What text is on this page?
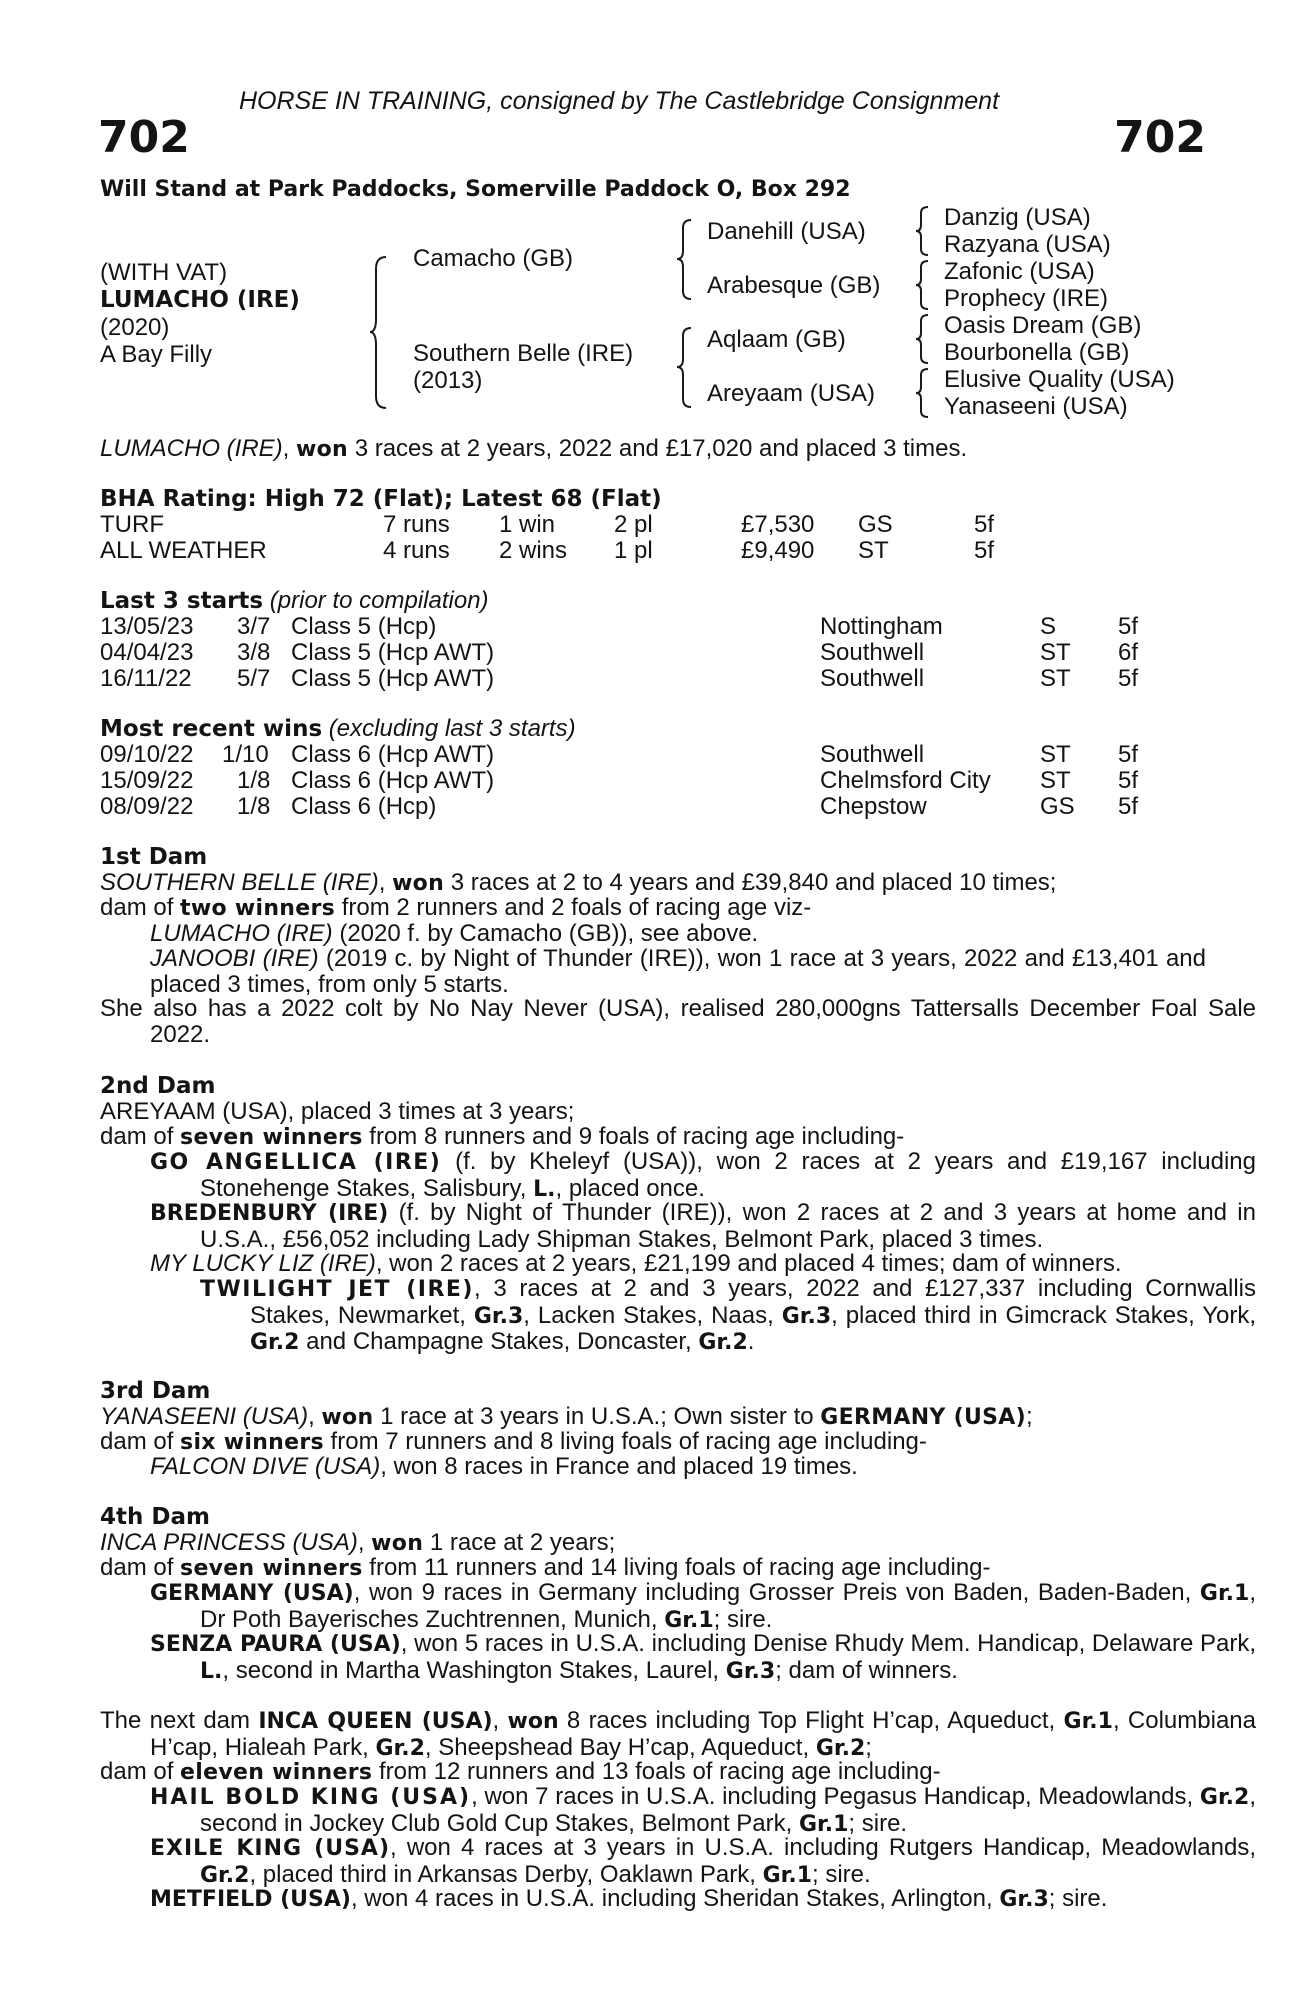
HORSE IN TRAINING, consigned by The Castlebridge Consignment
702	702
Will Stand at Park Paddocks, Somerville Paddock O, Box 292
(WITH VAT)
LUMACHO (IRE)
(2020)
A Bay Filly
Camacho (GB)
Southern Belle (IRE)
(2013)
Danehill (USA)
Arabesque (GB)
Aqlaam (GB)
Areyaam (USA)
Danzig (USA)
Razyana (USA)
Zafonic (USA)
Prophecy (IRE)
Oasis Dream (GB)
Bourbonella (GB)
Elusive Quality (USA)
Yanaseeni (USA)
LUMACHO (IRE), won 3 races at 2 years, 2022 and £17,020 and placed 3 times.
BHA Rating: High 72 (Flat); Latest 68 (Flat)
TURF	7 runs 1 win 2 pl	£7,530 GS	5f
ALL WEATHER	4 runs 2 wins 1 pl	£9,490 ST	5f
Last 3 starts (prior to compilation)
13/05/23 3/7 Class 5 (Hcp)	Nottingham	S	5f
04/04/23 3/8 Class 5 (Hcp AWT)	Southwell	ST 6f
16/11/22 5/7 Class 5 (Hcp AWT)	Southwell	ST 5f
Most recent wins (excluding last 3 starts)
09/10/22 1/10 Class 6 (Hcp AWT)	Southwell	ST 5f
15/09/22 1/8 Class 6 (Hcp AWT)	Chelmsford City ST 5f
08/09/22 1/8 Class 6 (Hcp)	Chepstow	GS 5f
1st Dam
SOUTHERN BELLE (IRE), won 3 races at 2 to 4 years and £39,840 and placed 10 times;
dam of two winners from 2 runners and 2 foals of racing age viz-
LUMACHO (IRE) (2020 f. by Camacho (GB)), see above.
JANOOBI (IRE) (2019 c. by Night of Thunder (IRE)), won 1 race at 3 years, 2022 and £13,401 and placed 3 times, from only 5 starts.
She also has a 2022 colt by No Nay Never (USA), realised 280,000gns Tattersalls December Foal Sale 2022.
2nd Dam
AREYAAM (USA), placed 3 times at 3 years;
dam of seven winners from 8 runners and 9 foals of racing age including-
GO ANGELLICA (IRE) (f. by Kheleyf (USA)), won 2 races at 2 years and £19,167 including Stonehenge Stakes, Salisbury, L., placed once.
BREDENBURY (IRE) (f. by Night of Thunder (IRE)), won 2 races at 2 and 3 years at home and in U.S.A., £56,052 including Lady Shipman Stakes, Belmont Park, placed 3 times.
MY LUCKY LIZ (IRE), won 2 races at 2 years, £21,199 and placed 4 times; dam of winners.
TWILIGHT JET (IRE), 3 races at 2 and 3 years, 2022 and £127,337 including Cornwallis Stakes, Newmarket, Gr.3, Lacken Stakes, Naas, Gr.3, placed third in Gimcrack Stakes, York, Gr.2 and Champagne Stakes, Doncaster, Gr.2.
3rd Dam
YANASEENI (USA), won 1 race at 3 years in U.S.A.; Own sister to GERMANY (USA);
dam of six winners from 7 runners and 8 living foals of racing age including-
FALCON DIVE (USA), won 8 races in France and placed 19 times.
4th Dam
INCA PRINCESS (USA), won 1 race at 2 years;
dam of seven winners from 11 runners and 14 living foals of racing age including-
GERMANY (USA), won 9 races in Germany including Grosser Preis von Baden, Baden-Baden, Gr.1, Dr Poth Bayerisches Zuchtrennen, Munich, Gr.1; sire.
SENZA PAURA (USA), won 5 races in U.S.A. including Denise Rhudy Mem. Handicap, Delaware Park, L., second in Martha Washington Stakes, Laurel, Gr.3; dam of winners.
The next dam INCA QUEEN (USA), won 8 races including Top Flight H’cap, Aqueduct, Gr.1, Columbiana H’cap, Hialeah Park, Gr.2, Sheepshead Bay H’cap, Aqueduct, Gr.2;
dam of eleven winners from 12 runners and 13 foals of racing age including-
HAIL BOLD KING (USA), won 7 races in U.S.A. including Pegasus Handicap, Meadowlands, Gr.2, second in Jockey Club Gold Cup Stakes, Belmont Park, Gr.1; sire.
EXILE KING (USA), won 4 races at 3 years in U.S.A. including Rutgers Handicap, Meadowlands, Gr.2, placed third in Arkansas Derby, Oaklawn Park, Gr.1; sire.
METFIELD (USA), won 4 races in U.S.A. including Sheridan Stakes, Arlington, Gr.3; sire.
